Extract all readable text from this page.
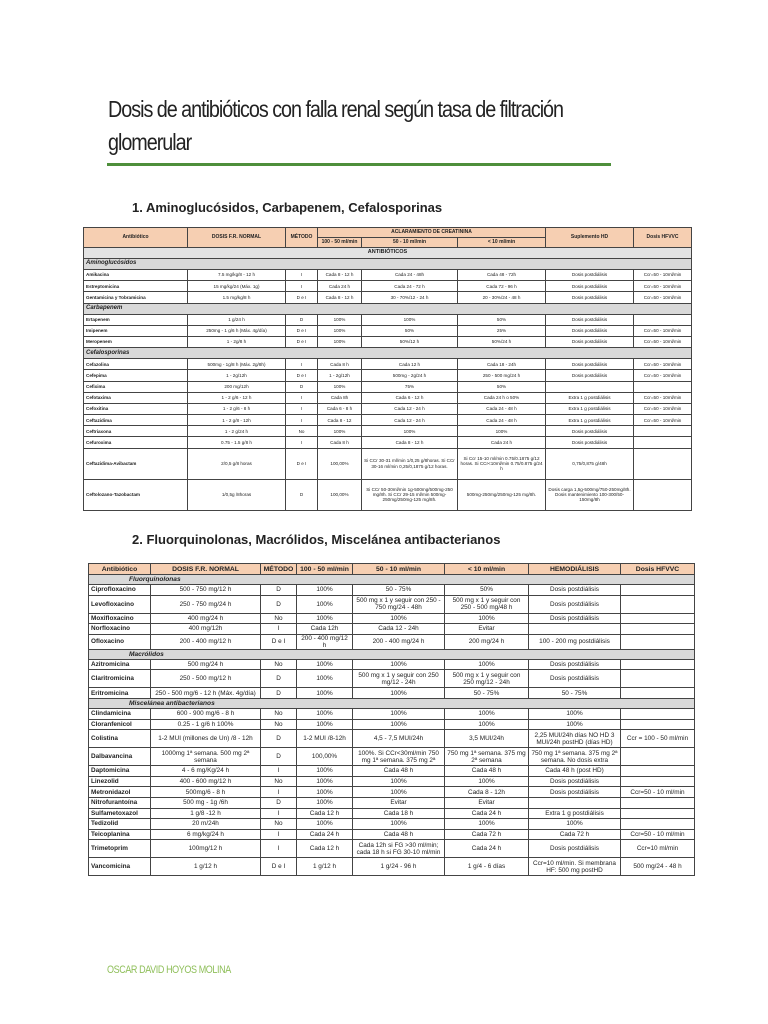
Dosis de antibióticos con falla renal según tasa de filtración glomerular
1. Aminoglucósidos, Carbapenem, Cefalosporinas
Antibiótico	DOSIS F.R. NORMAL	MÉTODO	ACLARAMIENTO DE CREATININA			Suplemento HD	Dosis HFVVC
			100 - 50 ml/min	50 - 10 ml/min	< 10 ml/min		
ANTIBIÓTICOS							
Aminoglucósidos							
Amikacina	7.5 mg/kg/8 - 12 h	I	Cada 8 - 12 h	Cada 24 - 48h	Cada 48 - 72h	Dosis postdiálisis	Ccr=50 - 10ml/min
Estreptomicina	15 mg/kg/24 (Máx. 1g)	I	Cada 24 h	Cada 24 - 72 h	Cada 72 - 96 h	Dosis postdiálisis	Ccr=50 - 10ml/min
Gentamicina y Tobramicina	1.5 mg/kg/8 h	D e I	Cada 8 - 12 h	30 - 70%/12 - 24 h	20 - 30%/24 - 48 h	Dosis postdiálisis	Ccr=50 - 10ml/min
Carbapenem							
Ertapenem	1 g/24 h	D	100%	100%	50%	Dosis postdiálisis	
Imipenem	250mg - 1 g/6 h (Máx. 4g/día)	D e I	100%	50%	25%	Dosis postdiálisis	Ccr=50 - 10ml/min
Meropenem	1 - 2g/8 h	D e I	100%	50%/12 h	50%/24 h	Dosis postdiálisis	Ccr=50 - 10ml/min
Cefalosporinas							
Cefazolina	500mg - 1g/8 h (Máx. 2g/8h)	I	Cada 8 h	Cada 12 h	Cada 18 - 24h	Dosis postdiálisis	Ccr=50 - 10ml/min
Cefepima	1 - 2g/12h	D e I	1 - 2g/12h	500mg - 2g/24 h	250 - 500 mg/24 h	Dosis postdiálisis	Ccr=50 - 10ml/min
Cefixima	200 mg/12h	D	100%	75%	50%		
Cefotaxima	1 - 2 g/6 - 12 h	I	Cada 8h	Cada 6 - 12 h	Cada 24 h o 50%	Extra 1 g postdiálisis	Ccr=50 - 10ml/min
Cefoxitina	1 - 2 g/6 - 8 h	I	Cada 6 - 8 h	Cada 12 - 24 h	Cada 24 - 48 h	Extra 1 g postdiálisis	Ccr=50 - 10ml/min
Ceftazidima	1 - 2 g/8 - 12h	I	Cada 8 - 12	Cada 12 - 24 h	Cada 24 - 48 h	Extra 1 g postdiálisis	Ccr=50 - 10ml/min
Ceftriaxona	1 - 2 g/24 h	No	100%	100%	100%	Dosis postdiálisis	
Cefuroxima	0.75 - 1.5 g/8 h	I	Cada 8 h	Cada 8 - 12 h	Cada 24 h	Dosis postdiálisis	
Ceftazidima-Avibactam	2/0,5 g/8 horas	D e I	100,00%	Si CCr 30-31 ml/min 1/0,25 g/8horas. Si CCr 30-16 ml/min 0,25/0,1875 g/12 horas.	Si Ccr 15-10 ml/min 0.75/0.1875 g/12 horas. Si CCr<10ml/min 0.75/0.875 g/24 h	0,75/0,875 g/48h	
Ceftolozano-Tazobactam	1/0,5g /8horas	D	100,00%	Si CCr 50-30ml/min 1g-500mg/500mg-250 mg/8h. Si CCr 29-15 ml/min 500mg-250mg/250mg-125 mg/8h.	500mg-250mg/250mg-125 mg/8h.	Dosis carga 1,5g-500mg/750-250mg/8h. Dosis mantenimiento 100-300/50-150mg/8h	
2. Fluorquinolonas, Macrólidos, Miscelánea antibacterianos
Antibiótico	DOSIS F.R. NORMAL	MÉTODO	100 - 50 ml/min	50 - 10 ml/min	< 10 ml/min	HEMODIÁLISIS	Dosis HFVVC
Fluorquinolonas							
Ciprofloxacino	500 - 750 mg/12 h	D	100%	50 - 75%	50%	Dosis postdiálisis	
Levofloxacino	250 - 750 mg/24 h	D	100%	500 mg x 1 y seguir con 250 - 750 mg/24 - 48h	500 mg x 1 y seguir con 250 - 500 mg/48 h	Dosis postdiálisis	
Moxifloxacino	400 mg/24 h	No	100%	100%	100%	Dosis postdiálisis	
Norfloxacino	400 mg/12h	I	Cada 12h	Cada 12 - 24h	Evitar		
Ofloxacino	200 - 400 mg/12 h	D e I	200 - 400 mg/12 h	200 - 400 mg/24 h	200 mg/24 h	100 - 200 mg postdiálisis	
Macrólidos							
Azitromicina	500 mg/24 h	No	100%	100%	100%	Dosis postdiálisis	
Claritromicina	250 - 500 mg/12 h	D	100%	500 mg x 1 y seguir con 250 mg/12 - 24h	500 mg x 1 y seguir con 250 mg/12 - 24h	Dosis postdiálisis	
Eritromicina	250 - 500 mg/6 - 12 h (Máx. 4g/día)	D	100%	100%	50 - 75%	50 - 75%	
Miscelánea antibacterianos							
Clindamicina	600 - 900 mg/6 - 8 h	No	100%	100%	100%	100%	
Cloranfenicol	0.25 - 1 g/6 h 100%	No	100%	100%	100%	100%	
Colistina	1-2 MUI (millones de Un) /8 - 12h	D	1-2 MUI /8-12h	4,5 - 7,5 MUI/24h	3,5 MUI/24h	2,25 MUI/24h días NO HD 3 MUI/24h postHD (días HD)	Ccr = 100 - 50 ml/min
Dalbavancina	1000mg 1ª semana. 500 mg 2ª semana	D	100,00%	100%. Si CCr<30ml/min 750 mg 1ª semana. 375 mg 2ª	750 mg 1ª semana. 375 mg 2ª semana	750 mg 1ª semana. 375 mg 2ª semana. No dosis extra	
Daptomicina	4 - 6 mg/Kg/24 h	I	100%	Cada 48 h	Cada 48 h	Cada 48 h (post HD)	
Linezolid	400 - 600 mg/12 h	No	100%	100%	100%	Dosis postdiálisis	
Metronidazol	500mg/6 - 8 h	I	100%	100%	Cada 8 - 12h	Dosis postdiálisis	Ccr=50 - 10 ml/min
Nitrofurantoína	500 mg - 1g /6h	D	100%	Evitar	Evitar		
Sulfametoxazol	1 g/8 -12 h	I	Cada 12 h	Cada 18 h	Cada 24 h	Extra 1 g postdiálisis	
Tedizolid	20 m/24h	No	100%	100%	100%	100%	
Teicoplanina	6 mg/kg/24 h	I	Cada 24 h	Cada 48 h	Cada 72 h	Cada 72 h	Ccr=50 - 10 ml/min
Trimetoprim	100mg/12 h	I	Cada 12 h	Cada 12h si FG >30 ml/min; cada 18 h si FG 30-10 ml/min	Cada 24 h	Dosis postdiálisis	Ccr=10 ml/min
Vancomicina	1 g/12 h	D e I	1 g/12 h	1 g/24 - 96 h	1 g/4 - 6 días	Ccr=10 ml/min. Si membrana HF: 500 mg postHD	500 mg/24 - 48 h
OSCAR DAVID HOYOS MOLINA
